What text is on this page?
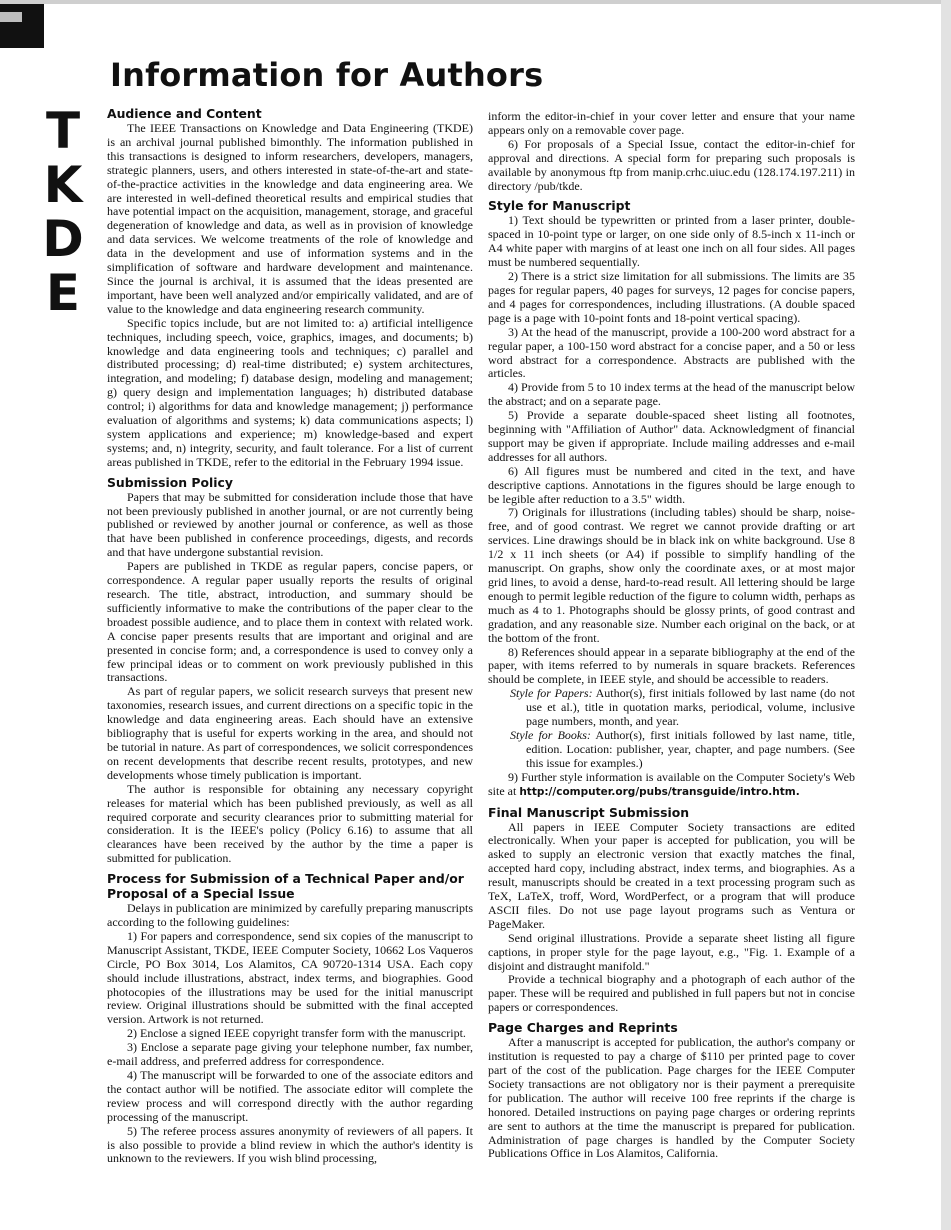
Information for Authors
T
K
D
E
Audience and Content

The IEEE Transactions on Knowledge and Data Engineering (TKDE) is an archival journal published bimonthly. The information published in this transactions is designed to inform researchers, developers, managers, strategic planners, users, and others interested in state-of-the-art and state-of-the-practice activities in the knowledge and data engineering area. We are interested in well-defined theoretical results and empirical studies that have potential impact on the acquisition, management, storage, and graceful degeneration of knowledge and data, as well as in provision of knowledge and data services. We welcome treatments of the role of knowledge and data in the development and use of information systems and in the simplification of software and hardware development and maintenance. Since the journal is archival, it is assumed that the ideas presented are important, have been well analyzed and/or empirically validated, and are of value to the knowledge and data engineering research community.

Specific topics include, but are not limited to: a) artificial intelligence techniques, including speech, voice, graphics, images, and documents; b) knowledge and data engineering tools and techniques; c) parallel and distributed processing; d) real-time distributed; e) system architectures, integration, and modeling; f) database design, modeling and management; g) query design and implementation languages; h) distributed database control; i) algorithms for data and knowledge management; j) performance evaluation of algorithms and systems; k) data communications aspects; l) system applications and experience; m) knowledge-based and expert systems; and, n) integrity, security, and fault tolerance. For a list of current areas published in TKDE, refer to the editorial in the February 1994 issue.

Submission Policy

Papers that may be submitted for consideration include those that have not been previously published in another journal, or are not currently being published or reviewed by another journal or conference, as well as those that have been published in conference proceedings, digests, and records and that have undergone substantial revision.

Papers are published in TKDE as regular papers, concise papers, or correspondence. A regular paper usually reports the results of original research. The title, abstract, introduction, and summary should be sufficiently informative to make the contributions of the paper clear to the broadest possible audience, and to place them in context with related work. A concise paper presents results that are important and original and are presented in concise form; and, a correspondence is used to convey only a few principal ideas or to comment on work previously published in this transactions.

As part of regular papers, we solicit research surveys that present new taxonomies, research issues, and current directions on a specific topic in the knowledge and data engineering areas. Each should have an extensive bibliography that is useful for experts working in the area, and should not be tutorial in nature. As part of correspondences, we solicit correspondences on recent developments that describe recent results, prototypes, and new developments whose timely publication is important.

The author is responsible for obtaining any necessary copyright releases for material which has been published previously, as well as all required corporate and security clearances prior to submitting material for consideration. It is the IEEE's policy (Policy 6.16) to assume that all clearances have been received by the author by the time a paper is submitted for publication.

Process for Submission of a Technical Paper and/or Proposal of a Special Issue

Delays in publication are minimized by carefully preparing manuscripts according to the following guidelines:

1) For papers and correspondence, send six copies of the manuscript to Manuscript Assistant, TKDE, IEEE Computer Society, 10662 Los Vaqueros Circle, PO Box 3014, Los Alamitos, CA 90720-1314 USA. Each copy should include illustrations, abstract, index terms, and biographies. Good photocopies of the illustrations may be used for the initial manuscript review. Original illustrations should be submitted with the final accepted version. Artwork is not returned.

2) Enclose a signed IEEE copyright transfer form with the manuscript.

3) Enclose a separate page giving your telephone number, fax number, e-mail address, and preferred address for correspondence.

4) The manuscript will be forwarded to one of the associate editors and the contact author will be notified. The associate editor will complete the review process and will correspond directly with the author regarding processing of the manuscript.

5) The referee process assures anonymity of reviewers of all papers. It is also possible to provide a blind review in which the author's identity is unknown to the reviewers. If you wish blind processing,

inform the editor-in-chief in your cover letter and ensure that your name appears only on a removable cover page.

6) For proposals of a Special Issue, contact the editor-in-chief for approval and directions. A special form for preparing such proposals is available by anonymous ftp from manip.crhc.uiuc.edu (128.174.197.211) in directory /pub/tkde.

Style for Manuscript

1) Text should be typewritten or printed from a laser printer, double-spaced in 10-point type or larger, on one side only of 8.5-inch x 11-inch or A4 white paper with margins of at least one inch on all four sides. All pages must be numbered sequentially.

2) There is a strict size limitation for all submissions. The limits are 35 pages for regular papers, 40 pages for surveys, 12 pages for concise papers, and 4 pages for correspondences, including illustrations. (A double spaced page is a page with 10-point fonts and 18-point vertical spacing).

3) At the head of the manuscript, provide a 100-200 word abstract for a regular paper, a 100-150 word abstract for a concise paper, and a 50 or less word abstract for a correspondence. Abstracts are published with the articles.

4) Provide from 5 to 10 index terms at the head of the manuscript below the abstract; and on a separate page.

5) Provide a separate double-spaced sheet listing all footnotes, beginning with "Affiliation of Author" data. Acknowledgment of financial support may be given if appropriate. Include mailing addresses and e-mail addresses for all authors.

6) All figures must be numbered and cited in the text, and have descriptive captions. Annotations in the figures should be large enough to be legible after reduction to a 3.5" width.

7) Originals for illustrations (including tables) should be sharp, noise-free, and of good contrast. We regret we cannot provide drafting or art services. Line drawings should be in black ink on white background. Use 8 1/2 x 11 inch sheets (or A4) if possible to simplify handling of the manuscript. On graphs, show only the coordinate axes, or at most major grid lines, to avoid a dense, hard-to-read result. All lettering should be large enough to permit legible reduction of the figure to column width, perhaps as much as 4 to 1. Photographs should be glossy prints, of good contrast and gradation, and any reasonable size. Number each original on the back, or at the bottom of the front.

8) References should appear in a separate bibliography at the end of the paper, with items referred to by numerals in square brackets. References should be complete, in IEEE style, and should be accessible to readers.

Style for Papers: Author(s), first initials followed by last name (do not use et al.), title in quotation marks, periodical, volume, inclusive page numbers, month, and year.

Style for Books: Author(s), first initials followed by last name, title, edition. Location: publisher, year, chapter, and page numbers. (See this issue for examples.)

9) Further style information is available on the Computer Society's Web site at http://computer.org/pubs/transguide/intro.htm.

Final Manuscript Submission

All papers in IEEE Computer Society transactions are edited electronically. When your paper is accepted for publication, you will be asked to supply an electronic version that exactly matches the final, accepted hard copy, including abstract, index terms, and biographies. As a result, manuscripts should be created in a text processing program such as TeX, LaTeX, troff, Word, WordPerfect, or a program that will produce ASCII files. Do not use page layout programs such as Ventura or PageMaker.

Send original illustrations. Provide a separate sheet listing all figure captions, in proper style for the page layout, e.g., "Fig. 1. Example of a disjoint and distraught manifold."

Provide a technical biography and a photograph of each author of the paper. These will be required and published in full papers but not in concise papers or correspondences.

Page Charges and Reprints

After a manuscript is accepted for publication, the author's company or institution is requested to pay a charge of $110 per printed page to cover part of the cost of the publication. Page charges for the IEEE Computer Society transactions are not obligatory nor is their payment a prerequisite for publication. The author will receive 100 free reprints if the charge is honored. Detailed instructions on paying page charges or ordering reprints are sent to authors at the time the manuscript is prepared for publication. Administration of page charges is handled by the Computer Society Publications Office in Los Alamitos, California.
